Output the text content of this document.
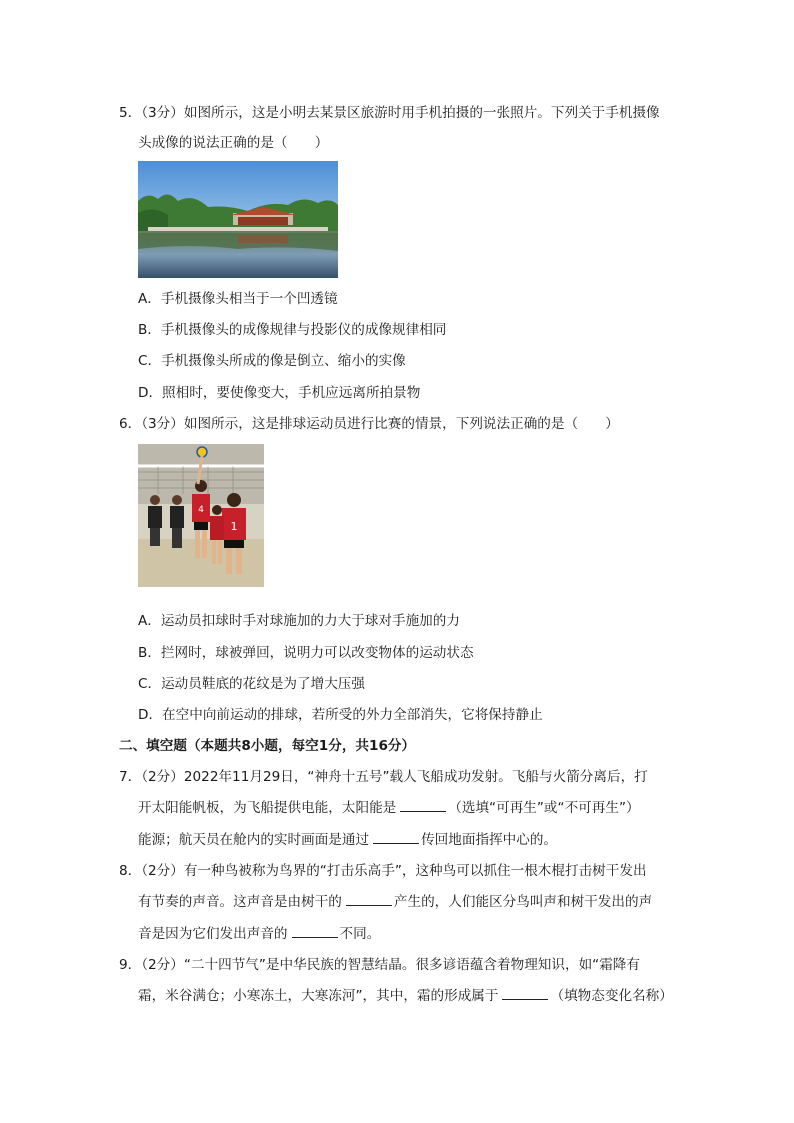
5．（3分）如图所示，这是小明去某景区旅游时用手机拍摄的一张照片。下列关于手机摄像
头成像的说法正确的是（　　）
A．手机摄像头相当于一个凹透镜
B．手机摄像头的成像规律与投影仪的成像规律相同
C．手机摄像头所成的像是倒立、缩小的实像
D．照相时，要使像变大，手机应远离所拍景物
6．（3分）如图所示，这是排球运动员进行比赛的情景，下列说法正确的是（　　）
4
1
A．运动员扣球时手对球施加的力大于球对手施加的力
B．拦网时，球被弹回，说明力可以改变物体的运动状态
C．运动员鞋底的花纹是为了增大压强
D．在空中向前运动的排球，若所受的外力全部消失，它将保持静止
二、填空题（本题共8小题，每空1分，共16分）
7．（2分）2022年11月29日，“神舟十五号”载人飞船成功发射。飞船与火箭分离后，打
开太阳能帆板，为飞船提供电能，太阳能是	（选填“可再生”或“不可再生”）
能源；航天员在舱内的实时画面是通过	传回地面指挥中心的。
8．（2分）有一种鸟被称为鸟界的“打击乐高手”，这种鸟可以抓住一根木棍打击树干发出
有节奏的声音。这声音是由树干的	产生的，人们能区分鸟叫声和树干发出的声
音是因为它们发出声音的	不同。
9．（2分）“二十四节气”是中华民族的智慧结晶。很多谚语蕴含着物理知识，如“霜降有
霜，米谷满仓；小寒冻土，大寒冻河”，其中，霜的形成属于	（填物态变化名称）
